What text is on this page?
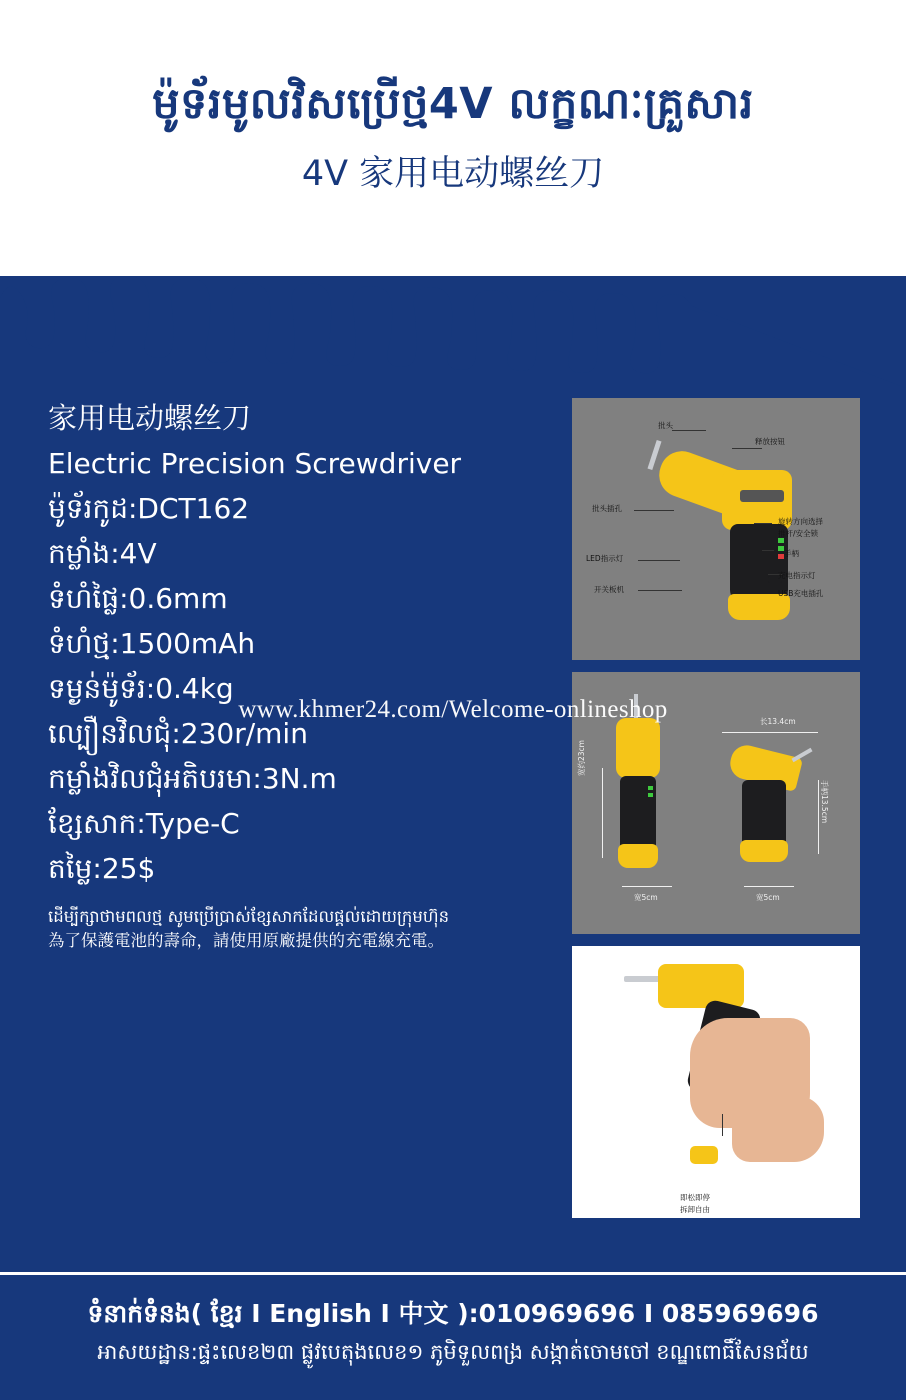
ម៉ូទ័រមូលវិសប្រើថ្ម4V លក្ខណៈគ្រួសារ
4V 家用电动螺丝刀
家用电动螺丝刀
Electric Precision Screwdriver
ម៉ូទ័រកូដ:DCT162
កម្លាំង:4V
ទំហំផ្លៃ:0.6mm
ទំហំថ្ម:1500mAh
ទម្ងន់ម៉ូទ័រ:0.4kg
ល្បឿនវិលជុំ:230r/min
កម្លាំងវិលជុំអតិបរមា:3N.m
ខ្សែសាក:Type-C
តម្លៃ:25$
ដើម្បីក្សាថាមពលថ្ម សូមប្រើប្រាស់ខ្សែសាកដែលផ្តល់ដោយក្រុមហ៊ុន
為了保護電池的壽命，請使用原廠提供的充電線充電。
批头
释放按钮
批头插孔
旋转方向选择
推杆/安全锁
手柄
LED指示灯
充电指示灯
USB充电插孔
开关板机
长13.4cm
宽约23cm
手柄13.5cm
宽5cm	宽5cm
即松即停
拆卸自由
www.khmer24.com/Welcome-onlineshop
ទំនាក់ទំនង( ខ្មែរ I English I 中文 ):010969696 I 085969696
អាសយដ្ឋាន:ផ្ទះលេខ២៣ ផ្លូវបេតុងលេខ១ ភូមិទួលពង្រ សង្កាត់ចោមចៅ ខណ្ឌពោធិ៍សែនជ័យ
